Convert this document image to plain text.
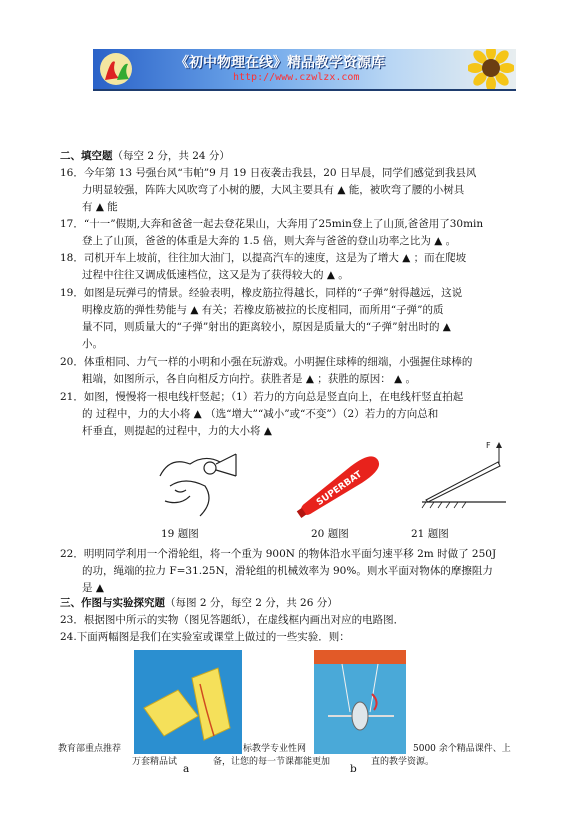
《初中物理在线》精品教学资源库
http://www.czwlzx.com
二、填空题（每空 2 分，共 24 分）
16．今年第 13 号强台风“韦帕”9 月 19 日夜袭击我县，20 日早晨，同学们感觉到我县风
力明显较强，阵阵大风吹弯了小树的腰，大风主要具有 ▲ 能，被吹弯了腰的小树具
有 ▲ 能
17．“十一”假期,大奔和爸爸一起去登花果山，大奔用了25min登上了山顶,爸爸用了30min
登上了山顶，爸爸的体重是大奔的 1.5 倍，则大奔与爸爸的登山功率之比为 ▲ 。
18．司机开车上坡前，往往加大油门，以提高汽车的速度，这是为了增大 ▲ ；而在爬坡
过程中往往又调成低速档位，这又是为了获得较大的 ▲ 。
19．如图是玩弹弓的情景。经验表明，橡皮筋拉得越长，同样的“子弹”射得越远，这说
明橡皮筋的弹性势能与 ▲ 有关；若橡皮筋被拉的长度相同，而所用“子弹”的质
量不同，则质量大的“子弹”射出的距离较小，原因是质量大的“子弹”射出时的 ▲
小。
20．体重相同、力气一样的小明和小强在玩游戏。小明握住球棒的细端，小强握住球棒的
粗端，如图所示，各自向相反方向拧。获胜者是 ▲ ；获胜的原因： ▲ 。
21．如图，慢慢将一根电线杆竖起；（1）若力的方向总是竖直向上，在电线杆竖直拍起
的 过程中，力的大小将 ▲ （选“增大”“减小”或“不变”）（2）若力的方向总和
杆垂直，则提起的过程中，力的大小将 ▲
19 题图
SUPERBAT
20 题图
F
21 题图
22．明明同学利用一个滑轮组，将一个重为 900N 的物体沿水平面匀速平移 2m 时做了 250J
的功，绳端的拉力 F=31.25N，滑轮组的机械效率为 90%。则水平面对物体的摩擦阻力
是 ▲
三、作图与实验探究题（每图 2 分，每空 2 分，共 26 分）
23．根据图中所示的实物（图见答题纸），在虚线框内画出对应的电路图．
24.下面两幅图是我们在实验室或课堂上做过的一些实验．则：
教育部重点推荐	标教学专业性网	5000 余个精品课件、上
万套精品试	备，让您的每一节课都能更加	直的教学资源。
a	b
